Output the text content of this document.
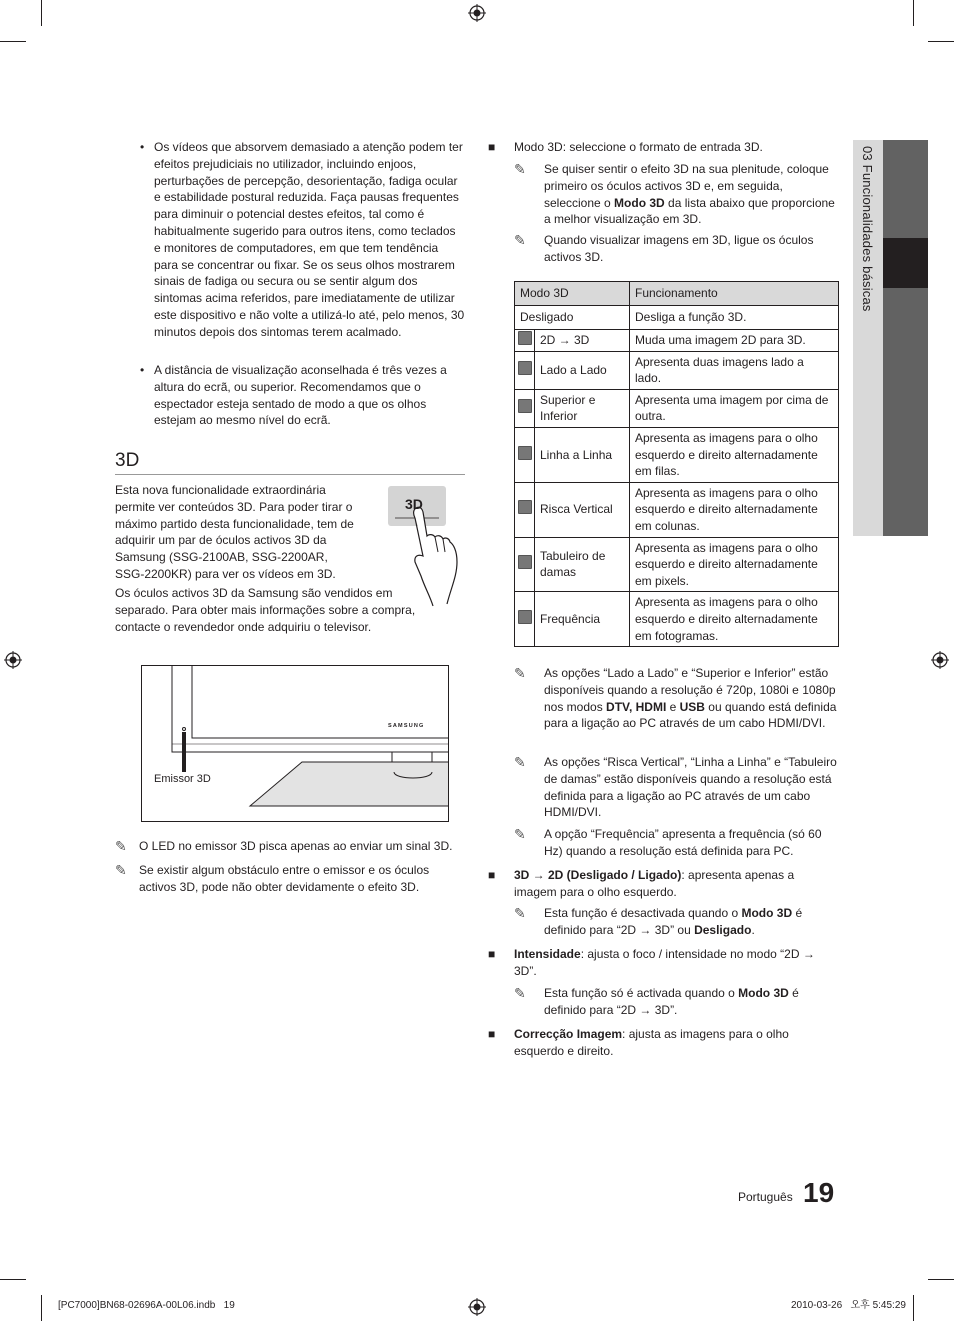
03 Funcionalidades básicas
• Os vídeos que absorvem demasiado a atenção podem ter efeitos prejudiciais no utilizador, incluindo enjoos, perturbações de percepção, desorientação, fadiga ocular e estabilidade postural reduzida. Faça pausas frequentes para diminuir o potencial destes efeitos, tal como é habitualmente sugerido para outros itens, como teclados e monitores de computadores, em que tem tendência para se concentrar ou fixar. Se os seus olhos mostrarem sinais de fadiga ou secura ou se sentir algum dos sintomas acima referidos, pare imediatamente de utilizar este dispositivo e não volte a utilizá-lo até, pelo menos, 30 minutos depois dos sintomas terem acalmado.
• A distância de visualização aconselhada é três vezes a altura do ecrã, ou superior. Recomendamos que o espectador esteja sentado de modo a que os olhos estejam ao mesmo nível do ecrã.
3D
Esta nova funcionalidade extraordinária permite ver conteúdos 3D. Para poder tirar o máximo partido desta funcionalidade, tem de adquirir um par de óculos activos 3D da Samsung (SSG-2100AB, SSG-2200AR, SSG-2200KR) para ver os vídeos em 3D.
Os óculos activos 3D da Samsung são vendidos em separado. Para obter mais informações sobre a compra, contacte o revendedor onde adquiriu o televisor.
3D
SAMSUNG
Emissor 3D
✎	O LED no emissor 3D pisca apenas ao enviar um sinal 3D.
✎	Se existir algum obstáculo entre o emissor e os óculos activos 3D, pode não obter devidamente o efeito 3D.
■ Modo 3D: seleccione o formato de entrada 3D.
✎	Se quiser sentir o efeito 3D na sua plenitude, coloque primeiro os óculos activos 3D e, em seguida, seleccione o Modo 3D da lista abaixo que proporcione a melhor visualização em 3D.
✎	Quando visualizar imagens em 3D, ligue os óculos activos 3D.
Modo 3D		Funcionamento
Desligado		Desliga a função 3D.
	2D → 3D	Muda uma imagem 2D para 3D.
	Lado a Lado	Apresenta duas imagens lado a lado.
	Superior e Inferior	Apresenta uma imagem por cima de outra.
	Linha a Linha	Apresenta as imagens para o olho esquerdo e direito alternadamente em filas.
	Risca Vertical	Apresenta as imagens para o olho esquerdo e direito alternadamente em colunas.
	Tabuleiro de damas	Apresenta as imagens para o olho esquerdo e direito alternadamente em pixels.
	Frequência	Apresenta as imagens para o olho esquerdo e direito alternadamente em fotogramas.
✎	As opções “Lado a Lado” e “Superior e Inferior” estão disponíveis quando a resolução é 720p, 1080i e 1080p nos modos DTV, HDMI e USB ou quando está definida para a ligação ao PC através de um cabo HDMI/DVI.
✎	As opções “Risca Vertical”, “Linha a Linha” e “Tabuleiro de damas” estão disponíveis quando a resolução está definida para a ligação ao PC através de um cabo HDMI/DVI.
✎	A opção “Frequência” apresenta a frequência (só 60 Hz) quando a resolução está definida para PC.
■ 3D → 2D (Desligado / Ligado): apresenta apenas a imagem para o olho esquerdo.
✎	Esta função é desactivada quando o Modo 3D é definido para “2D → 3D” ou Desligado.
■ Intensidade: ajusta o foco / intensidade no modo “2D → 3D”.
✎	Esta função só é activada quando o Modo 3D é definido para “2D → 3D”.
■ Correcção Imagem: ajusta as imagens para o olho esquerdo e direito.
Português 19
[PC7000]BN68-02696A-00L06.indb   19	2010-03-26   오후 5:45:29
